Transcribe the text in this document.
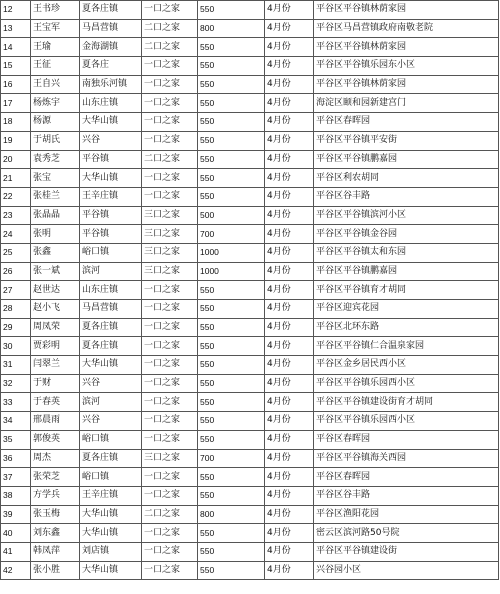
12	王书珍	夏各庄镇	一口之家	550	4月份	平谷区平谷镇林荫家园
13	王宝军	马昌营镇	二口之家	800	4月份	平谷区马昌营镇政府南敬老院
14	王瑜	金海湖镇	二口之家	550	4月份	平谷区平谷镇林荫家园
15	王征	夏各庄	一口之家	550	4月份	平谷区平谷镇乐园东小区
16	王自兴	南独乐河镇	一口之家	550	4月份	平谷区平谷镇林荫家园
17	杨炼宇	山东庄镇	一口之家	550	4月份	海淀区颐和园新建宫门
18	杨源	大华山镇	一口之家	550	4月份	平谷区春晖园
19	于胡氏	兴谷	一口之家	550	4月份	平谷区平谷镇平安街
20	袁秀芝	平谷镇	二口之家	550	4月份	平谷区平谷镇鹏嘉园
21	张宝	大华山镇	一口之家	550	4月份	平谷区利农胡同
22	张桂兰	王辛庄镇	一口之家	550	4月份	平谷区谷丰路
23	张晶晶	平谷镇	三口之家	500	4月份	平谷区平谷镇滨河小区
24	张明	平谷镇	三口之家	700	4月份	平谷区平谷镇金谷园
25	张鑫	峪口镇	三口之家	1000	4月份	平谷区平谷镇太和东园
26	张一斌	滨河	三口之家	1000	4月份	平谷区平谷镇鹏嘉园
27	赵世达	山东庄镇	一口之家	550	4月份	平谷区平谷镇育才胡同
28	赵小飞	马昌营镇	一口之家	550	4月份	平谷区迎宾花园
29	周凤荣	夏各庄镇	一口之家	550	4月份	平谷区北环东路
30	贾彩明	夏各庄镇	一口之家	550	4月份	平谷区平谷镇仁合温泉家园
31	闫翠兰	大华山镇	一口之家	550	4月份	平谷区金乡居民西小区
32	于财	兴谷	一口之家	550	4月份	平谷区平谷镇乐园西小区
33	于春英	滨河	一口之家	550	4月份	平谷区平谷镇建设街育才胡同
34	邢晨雨	兴谷	一口之家	550	4月份	平谷区平谷镇乐园西小区
35	郭俊英	峪口镇	一口之家	550	4月份	平谷区春晖园
36	周杰	夏各庄镇	三口之家	700	4月份	平谷区平谷镇海关西园
37	张荣芝	峪口镇	一口之家	550	4月份	平谷区春晖园
38	方学兵	王辛庄镇	一口之家	550	4月份	平谷区谷丰路
39	张玉梅	大华山镇	二口之家	800	4月份	平谷区渔阳花园
40	刘东鑫	大华山镇	一口之家	550	4月份	密云区滨河路50号院
41	韩凤萍	刘店镇	一口之家	550	4月份	平谷区平谷镇建设街
42	张小胜	大华山镇	一口之家	550	4月份	兴谷园小区
